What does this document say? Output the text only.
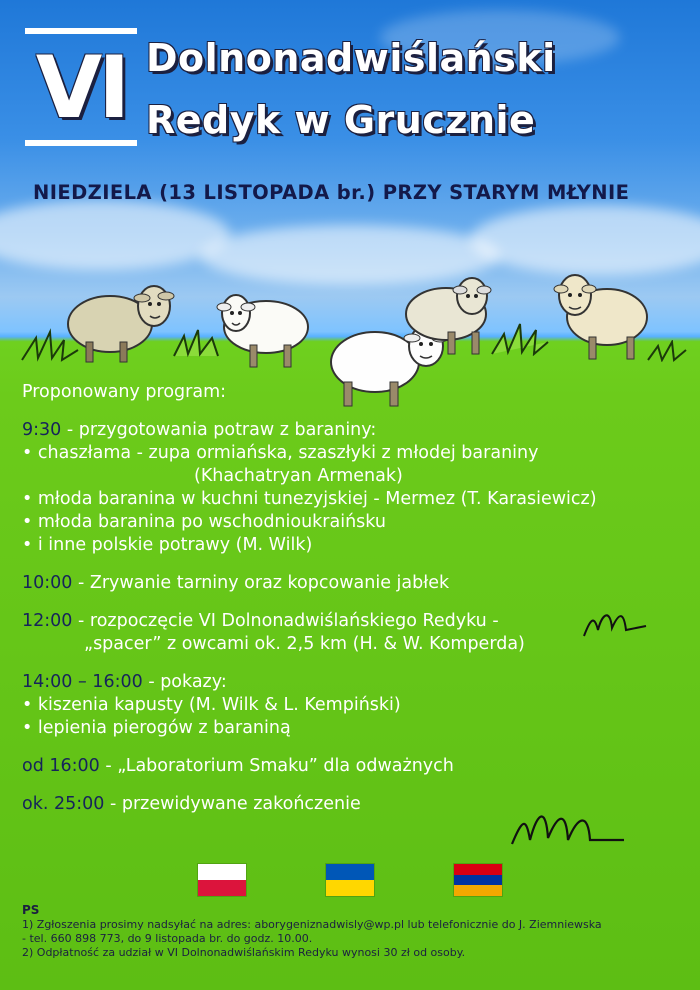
VI Dolnonadwiślański
Redyk w Grucznie
NIEDZIELA (13 LISTOPADA br.) PRZY STARYM MŁYNIE
Proponowany program:
9:30 - przygotowania potraw z baraniny:
• chaszłama - zupa ormiańska, szaszłyki z młodej baraniny
(Khachatryan Armenak)
• młoda baranina w kuchni tunezyjskiej - Mermez (T. Karasiewicz)
• młoda baranina po wschodnioukraińsku
• i inne polskie potrawy (M. Wilk)
10:00 - Zrywanie tarniny oraz kopcowanie jabłek
12:00 - rozpoczęcie VI Dolnonadwiślańskiego Redyku -
„spacer” z owcami ok. 2,5 km (H. & W. Komperda)
14:00 – 16:00 - pokazy:
• kiszenia kapusty (M. Wilk & L. Kempiński)
• lepienia pierogów z baraniną
od 16:00 - „Laboratorium Smaku” dla odważnych
ok. 25:00 - przewidywane zakończenie
PS
1) Zgłoszenia prosimy nadsyłać na adres: aborygeniznadwisly@wp.pl lub telefonicznie do J. Ziemniewska
- tel. 660 898 773, do 9 listopada br. do godz. 10.00.
2) Odpłatność za udział w VI Dolnonadwiślańskim Redyku wynosi 30 zł od osoby.
